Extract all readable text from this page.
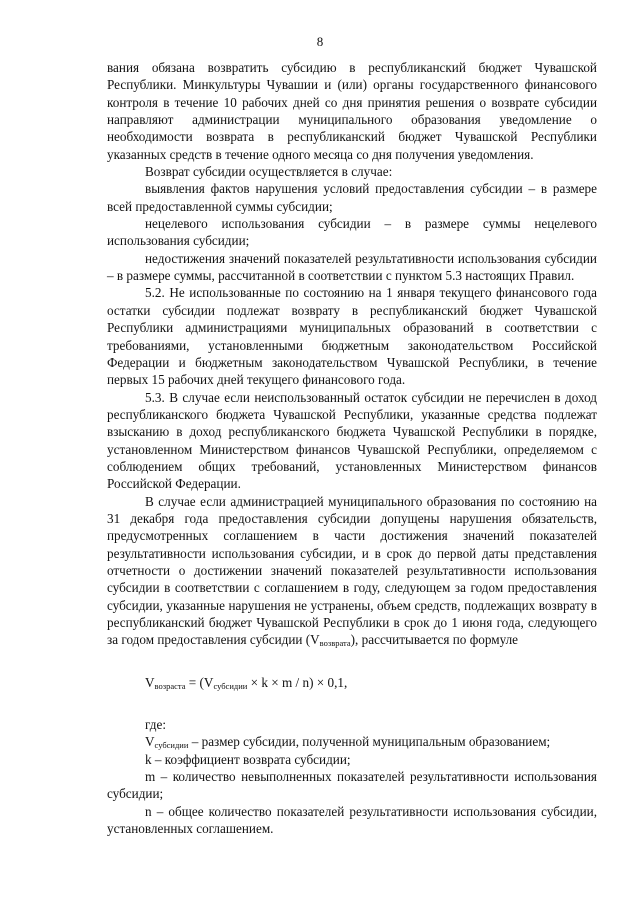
8

вания обязана возвратить субсидию в республиканский бюджет Чувашской Республики. Минкультуры Чувашии и (или) органы государственного финансового контроля в течение 10 рабочих дней со дня принятия решения о возврате субсидии направляют администрации муниципального образования уведомление о необходимости возврата в республиканский бюджет Чувашской Республики указанных средств в течение одного месяца со дня получения уведомления.

Возврат субсидии осуществляется в случае:

выявления фактов нарушения условий предоставления субсидии – в размере всей предоставленной суммы субсидии;

нецелевого использования субсидии – в размере суммы нецелевого использования субсидии;

недостижения значений показателей результативности использования субсидии – в размере суммы, рассчитанной в соответствии с пунктом 5.3 настоящих Правил.

5.2. Не использованные по состоянию на 1 января текущего финансового года остатки субсидии подлежат возврату в республиканский бюджет Чувашской Республики администрациями муниципальных образований в соответствии с требованиями, установленными бюджетным законодательством Российской Федерации и бюджетным законодательством Чувашской Республики, в течение первых 15 рабочих дней текущего финансового года.

5.3. В случае если неиспользованный остаток субсидии не перечислен в доход республиканского бюджета Чувашской Республики, указанные средства подлежат взысканию в доход республиканского бюджета Чувашской Республики в порядке, установленном Министерством финансов Чувашской Республики, определяемом с соблюдением общих требований, установленных Министерством финансов Российской Федерации.

В случае если администрацией муниципального образования по состоянию на 31 декабря года предоставления субсидии допущены нарушения обязательств, предусмотренных соглашением в части достижения значений показателей результативности использования субсидии, и в срок до первой даты представления отчетности о достижении значений показателей результативности использования субсидии в соответствии с соглашением в году, следующем за годом предоставления субсидии, указанные нарушения не устранены, объем средств, подлежащих возврату в республиканский бюджет Чувашской Республики в срок до 1 июня года, следующего за годом предоставления субсидии $(V_{возврата})$, рассчитывается по формуле

$V_{возраста} = (V_{субсидии} \times k \times m / n) \times 0,1$,

где:

$V_{субсидии}$ – размер субсидии, полученной муниципальным образованием;

k – коэффициент возврата субсидии;

m – количество невыполненных показателей результативности использования субсидии;

n – общее количество показателей результативности использования субсидии, установленных соглашением.
